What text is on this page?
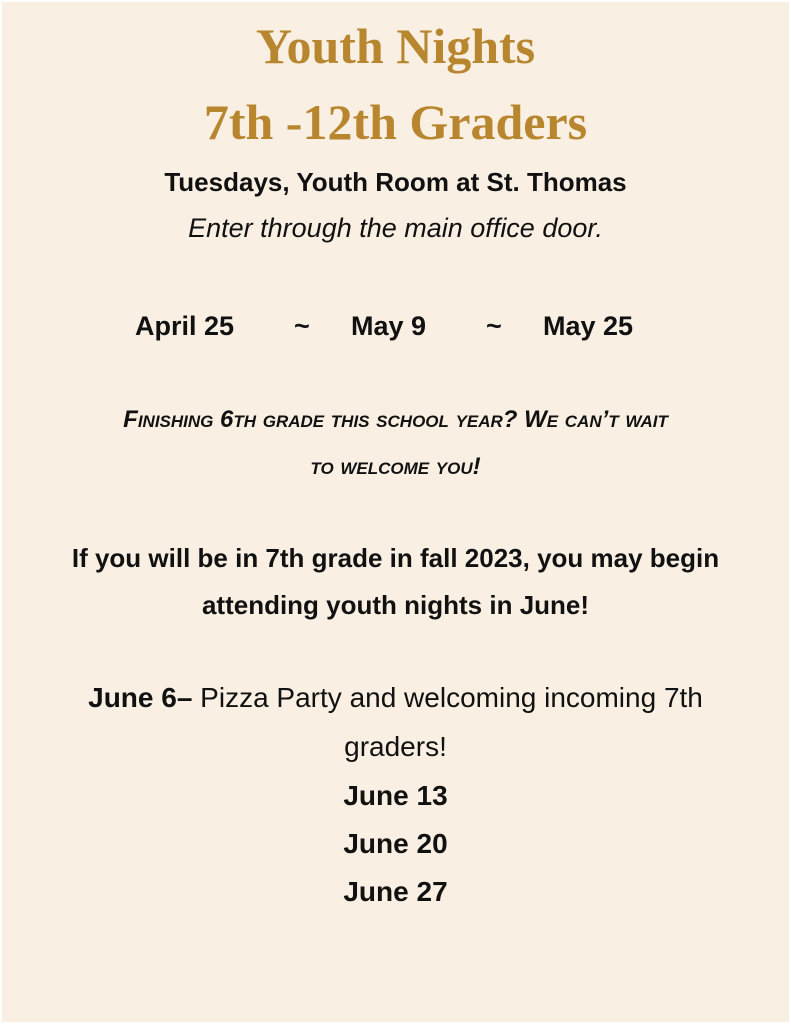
Youth Nights
7th -12th Graders
Tuesdays, Youth Room at St. Thomas
Enter through the main office door.
April 25 ~ May 9 ~ May 25
Finishing 6th grade this school year? We can’t wait
to welcome you!
If you will be in 7th grade in fall 2023, you may begin
attending youth nights in June!
June 6– Pizza Party and welcoming incoming 7th
graders!
June 13
June 20
June 27
